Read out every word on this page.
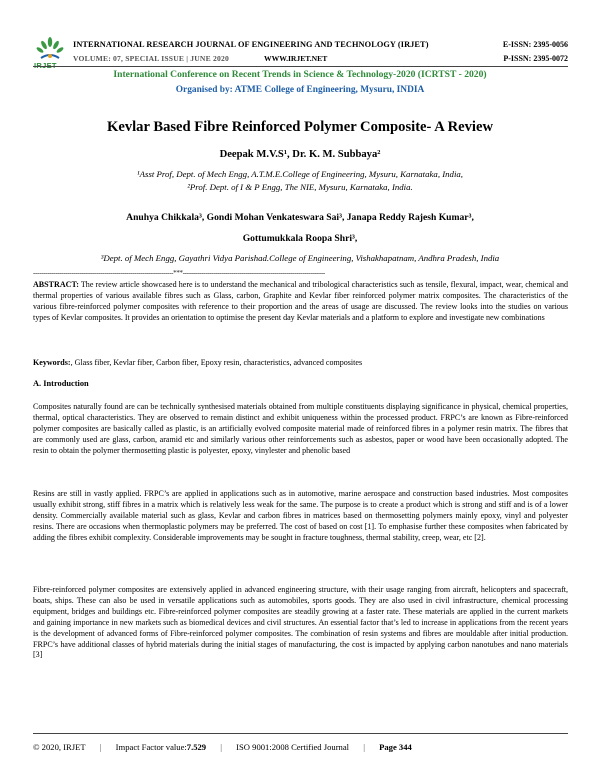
INTERNATIONAL RESEARCH JOURNAL OF ENGINEERING AND TECHNOLOGY (IRJET)
VOLUME: 07, SPECIAL ISSUE | JUNE 2020	WWW.IRJET.NET
E-ISSN: 2395-0056
P-ISSN: 2395-0072
International Conference on Recent Trends in Science & Technology-2020 (ICRTST - 2020)
Organised by: ATME College of Engineering, Mysuru, INDIA
Kevlar Based Fibre Reinforced Polymer Composite- A Review
Deepak M.V.S¹, Dr. K. M. Subbaya²
¹Asst Prof, Dept. of Mech Engg, A.T.M.E.College of Engineering, Mysuru, Karnataka, India,
²Prof. Dept. of I & P Engg, The NIE, Mysuru, Karnataka, India.
Anuhya Chikkala³, Gondi Mohan Venkateswara Sai³, Janapa Reddy Rajesh Kumar³,
Gottumukkala Roopa Shri³,
³Dept. of Mech Engg, Gayathri Vidya Parishad.College of Engineering, Vishakhapatnam, Andhra Pradesh, India
---------------------------------------------------------------------***----------------------------------------------------------------------
ABSTRACT: The review article showcased here is to understand the mechanical and tribological characteristics such as tensile, flexural, impact, wear, chemical and thermal properties of various available fibres such as Glass, carbon, Graphite and Kevlar fiber reinforced polymer matrix composites. The characteristics of the various fibre-reinforced polymer composites with reference to their proportion and the areas of usage are discussed. The review looks into the studies on various types of Kevlar composites. It provides an orientation to optimise the present day Kevlar materials and a platform to explore and investigate new combinations
Keywords:, Glass fiber, Kevlar fiber, Carbon fiber, Epoxy resin, characteristics, advanced composites
A. Introduction
Composites naturally found are can be technically synthesised materials obtained from multiple constituents displaying significance in physical, chemical properties, thermal, optical characteristics. They are observed to remain distinct and exhibit uniqueness within the processed product. FRPC’s are known as Fibre-reinforced polymer composites are basically called as plastic, is an artificially evolved composite material made of reinforced fibres in a polymer resin matrix. The fibres that are commonly used are glass, carbon, aramid etc and similarly various other reinforcements such as asbestos, paper or wood have been occasionally adopted. The resin to obtain the polymer thermosetting plastic is polyester, epoxy, vinylester and phenolic based
Resins are still in vastly applied. FRPC’s are applied in applications such as in automotive, marine aerospace and construction based industries. Most composites usually exhibit strong, stiff fibres in a matrix which is relatively less weak for the same. The purpose is to create a product which is strong and stiff and is of a lower density. Commercially available material such as glass, Kevlar and carbon fibres in matrices based on thermosetting polymers mainly epoxy, vinyl and polyester resins. There are occasions when thermoplastic polymers may be preferred. The cost of based on cost [1]. To emphasise further these composites when fabricated by adding the fibres exhibit complexity. Considerable improvements may be sought in fracture toughness, thermal stability, creep, wear, etc [2].
Fibre-reinforced polymer composites are extensively applied in advanced engineering structure, with their usage ranging from aircraft, helicopters and spacecraft, boats, ships. These can also be used in versatile applications such as automobiles, sports goods. They are also used in civil infrastructure, chemical processing equipment, bridges and buildings etc. Fibre-reinforced polymer composites are steadily growing at a faster rate. These materials are applied in the current markets and gaining importance in new markets such as biomedical devices and civil structures. An essential factor that’s led to increase in applications from the recent years is the development of advanced forms of Fibre-reinforced polymer composites. The combination of resin systems and fibres are mouldable after initial production. FRPC’s have additional classes of hybrid materials during the initial stages of manufacturing, the cost is impacted by applying carbon nanotubes and nano materials [3]
© 2020, IRJET | Impact Factor value:7.529 | ISO 9001:2008 Certified Journal | Page 344
